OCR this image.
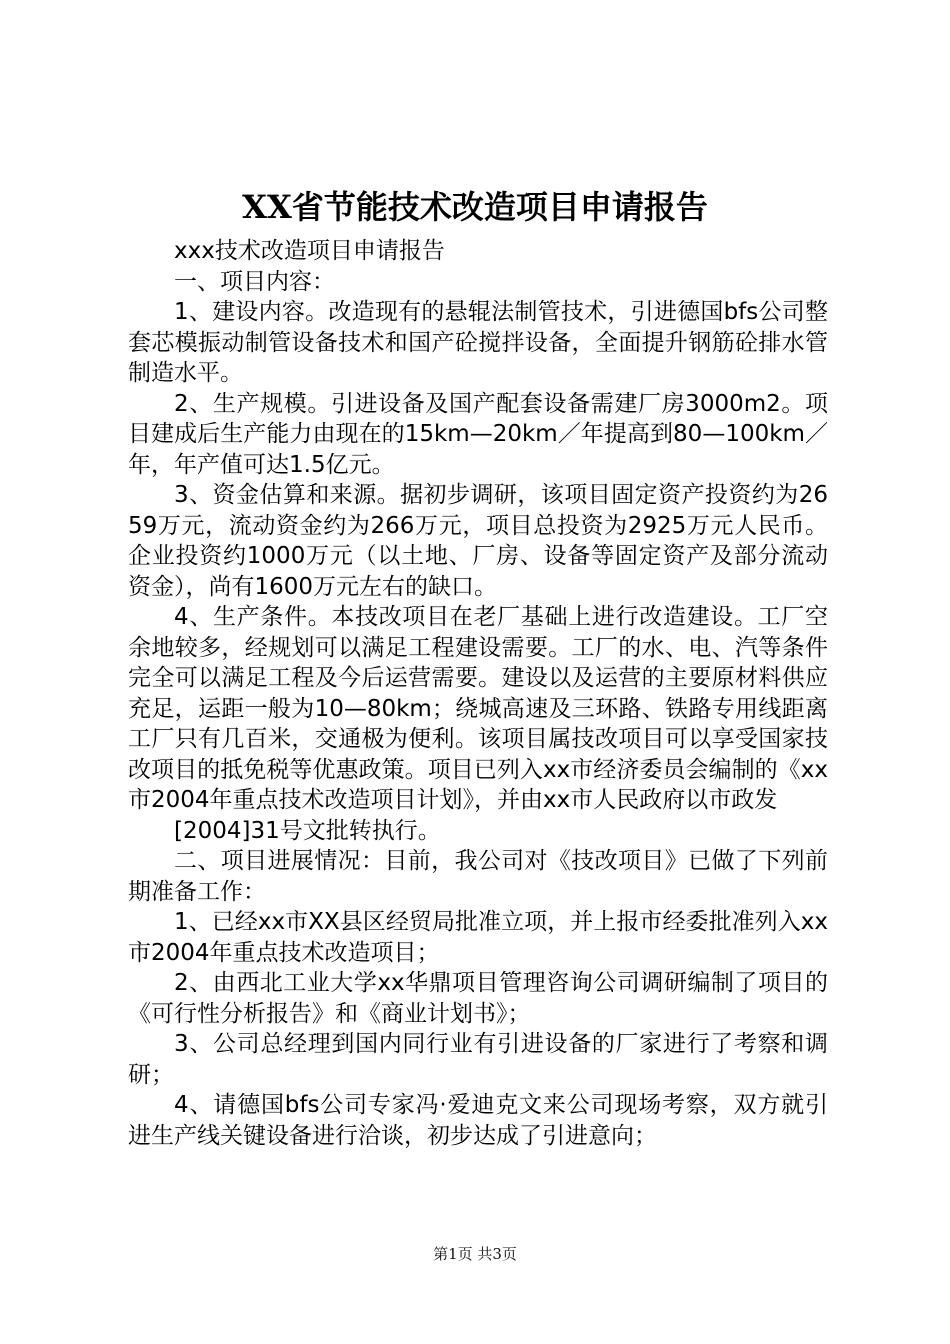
XX省节能技术改造项目申请报告

xxx技术改造项目申请报告

一、项目内容：

1、建设内容。改造现有的悬辊法制管技术，引进德国bfs公司整套芯模振动制管设备技术和国产砼搅拌设备，全面提升钢筋砼排水管制造水平。

2、生产规模。引进设备及国产配套设备需建厂房3000m2。项目建成后生产能力由现在的15km—20km／年提高到80—100km／年，年产值可达1.5亿元。

3、资金估算和来源。据初步调研，该项目固定资产投资约为2659万元，流动资金约为266万元，项目总投资为2925万元人民币。企业投资约1000万元（以土地、厂房、设备等固定资产及部分流动资金），尚有1600万元左右的缺口。

4、生产条件。本技改项目在老厂基础上进行改造建设。工厂空余地较多，经规划可以满足工程建设需要。工厂的水、电、汽等条件完全可以满足工程及今后运营需要。建设以及运营的主要原材料供应充足，运距一般为10—80km；绕城高速及三环路、铁路专用线距离工厂只有几百米，交通极为便利。该项目属技改项目可以享受国家技改项目的抵免税等优惠政策。项目已列入xx市经济委员会编制的《xx市2004年重点技术改造项目计划》，并由xx市人民政府以市政发

[2004]31号文批转执行。

二、项目进展情况：目前，我公司对《技改项目》已做了下列前期准备工作：

1、已经xx市XX县区经贸局批准立项，并上报市经委批准列入xx市2004年重点技术改造项目；

2、由西北工业大学xx华鼎项目管理咨询公司调研编制了项目的《可行性分析报告》和《商业计划书》；

3、公司总经理到国内同行业有引进设备的厂家进行了考察和调研；

4、请德国bfs公司专家冯·爱迪克文来公司现场考察，双方就引进生产线关键设备进行洽谈，初步达成了引进意向；

第1页 共3页
